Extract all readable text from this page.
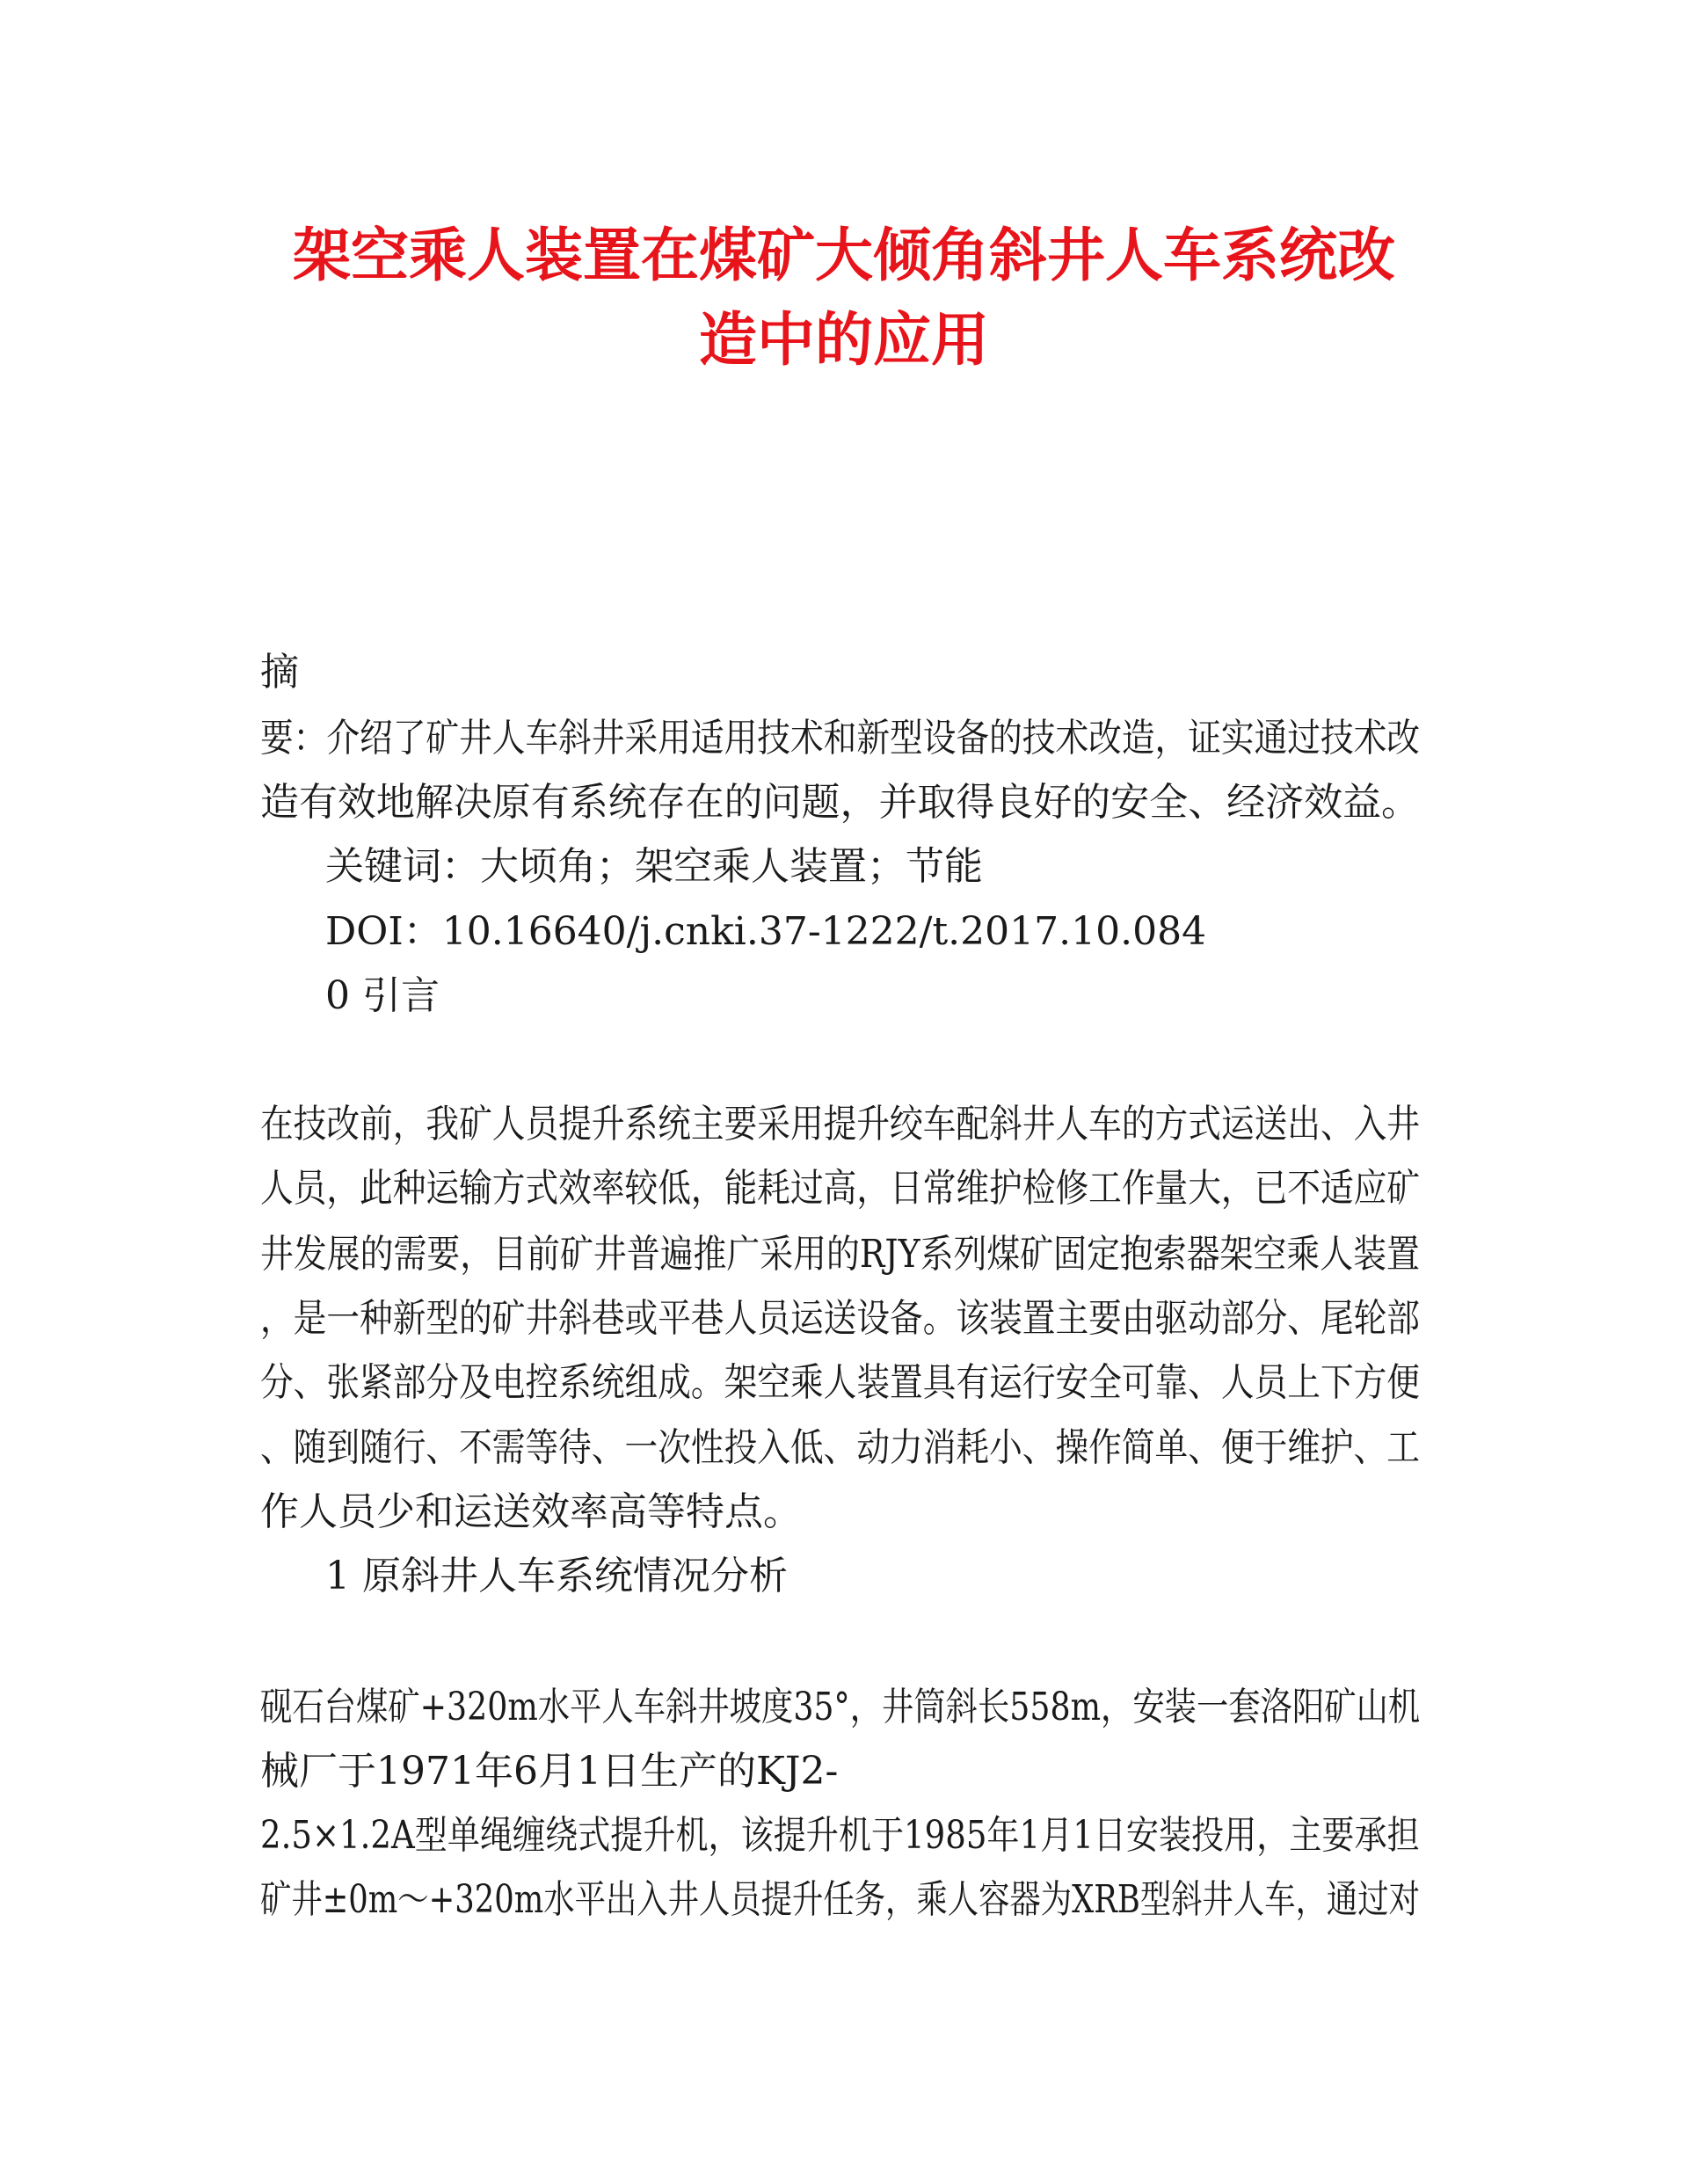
架空乘人装置在煤矿大倾角斜井人车系统改
造中的应用
摘
要：介绍了矿井人车斜井采用适用技术和新型设备的技术改造，证实通过技术改
造有效地解决原有系统存在的问题，并取得良好的安全、经济效益。
关键词：大顷角；架空乘人装置；节能
DOI：10.16640/j.cnki.37-1222/t.2017.10.084
0 引言
在技改前，我矿人员提升系统主要采用提升绞车配斜井人车的方式运送出、入井
人员，此种运输方式效率较低，能耗过高，日常维护检修工作量大，已不适应矿
井发展的需要，目前矿井普遍推广采用的RJY系列煤矿固定抱索器架空乘人装置
，是一种新型的矿井斜巷或平巷人员运送设备。该装置主要由驱动部分、尾轮部
分、张紧部分及电控系统组成。架空乘人装置具有运行安全可靠、人员上下方便
、随到随行、不需等待、一次性投入低、动力消耗小、操作简单、便于维护、工
作人员少和运送效率高等特点。
1 原斜井人车系统情况分析
砚石台煤矿+320m水平人车斜井坡度35°，井筒斜长558m，安装一套洛阳矿山机
械厂于1971年6月1日生产的KJ2-
2.5×1.2A型单绳缠绕式提升机，该提升机于1985年1月1日安装投用，主要承担
矿井±0m～+320m水平出入井人员提升任务，乘人容器为XRB型斜井人车，通过对
